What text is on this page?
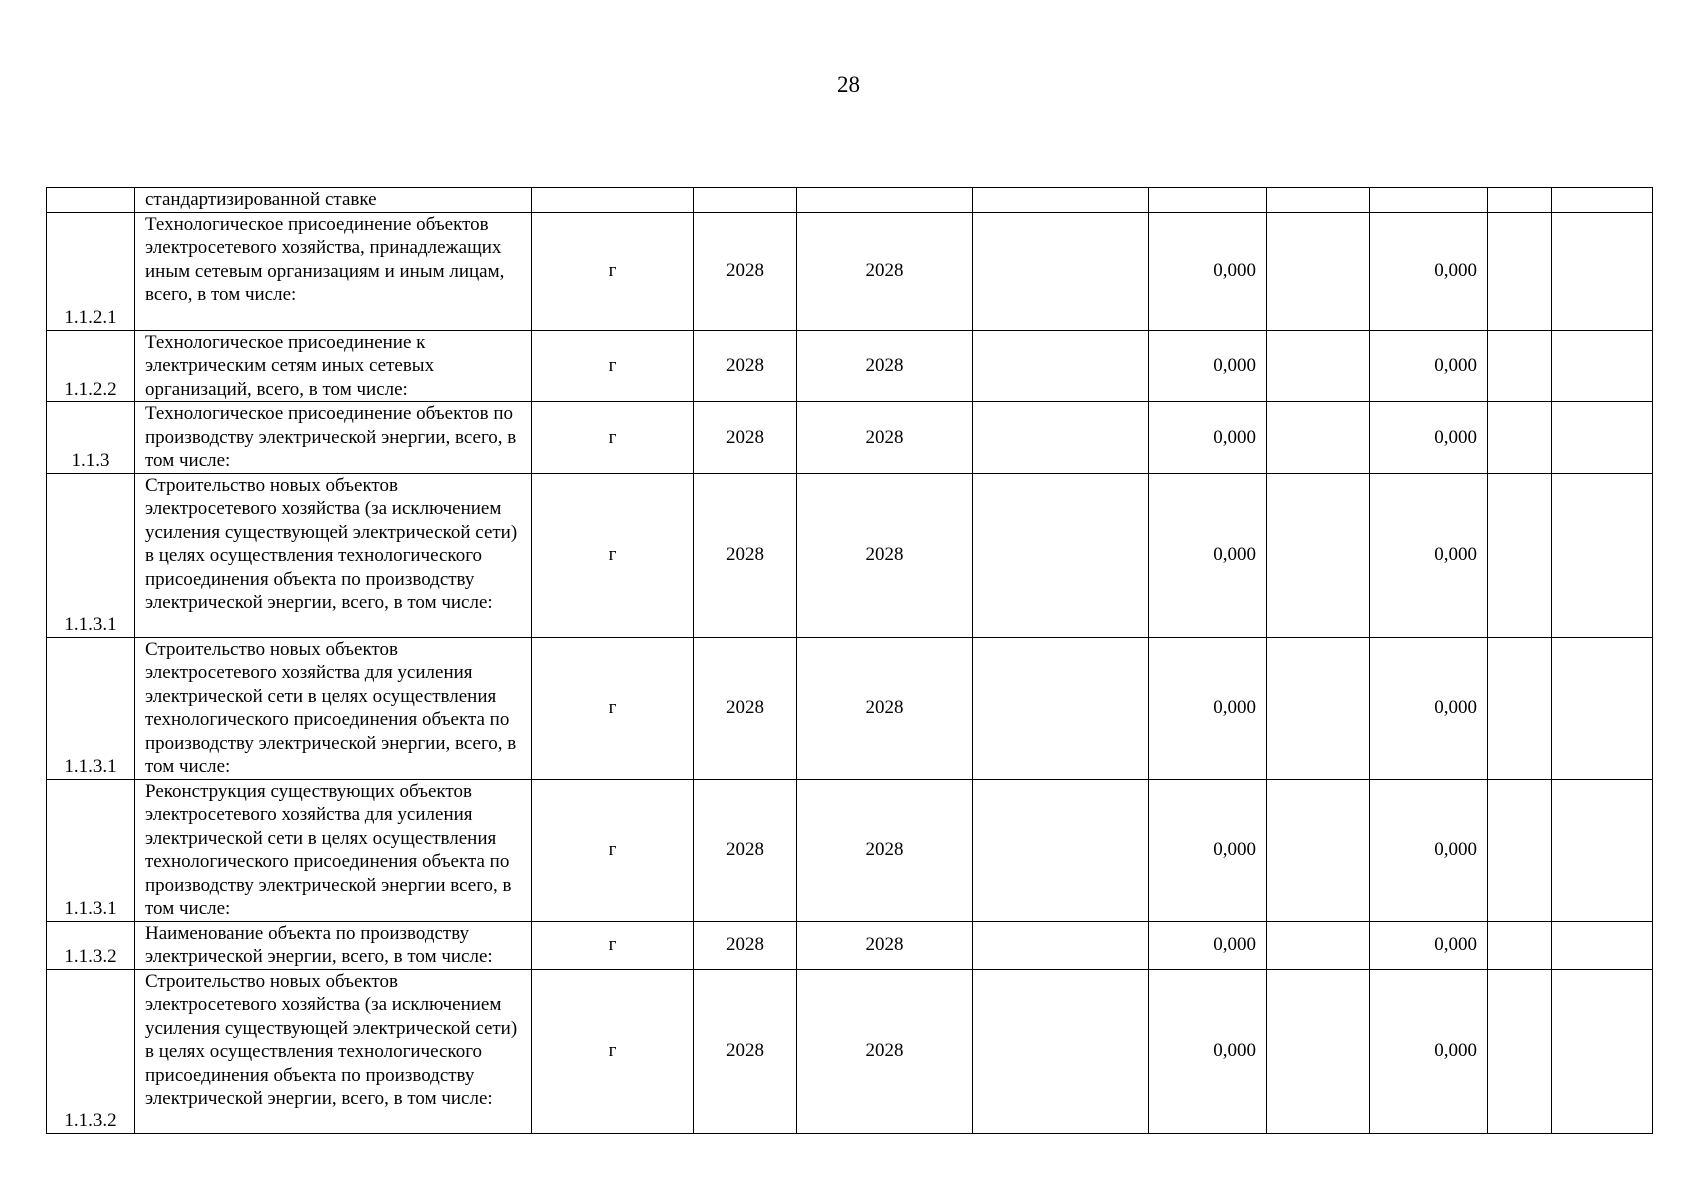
28
	стандартизированной ставке									
1.1.2.1	Технологическое присоединение объектов электросетевого хозяйства, принадлежащих иным сетевым организациям и иным лицам, всего, в том числе:	г	2028	2028		0,000		0,000		
1.1.2.2	Технологическое присоединение к электрическим сетям иных сетевых организаций, всего, в том числе:	г	2028	2028		0,000		0,000		
1.1.3	Технологическое присоединение объектов по производству электрической энергии, всего, в том числе:	г	2028	2028		0,000		0,000		
1.1.3.1	Строительство новых объектов электросетевого хозяйства (за исключением усиления существующей электрической сети) в целях осуществления технологического присоединения объекта по производству электрической энергии, всего, в том числе:	г	2028	2028		0,000		0,000		
1.1.3.1	Строительство новых объектов электросетевого хозяйства для усиления электрической сети в целях осуществления технологического присоединения объекта по производству электрической энергии, всего, в том числе:	г	2028	2028		0,000		0,000		
1.1.3.1	Реконструкция существующих объектов электросетевого хозяйства для усиления электрической сети в целях осуществления технологического присоединения объекта по производству электрической энергии всего, в том числе:	г	2028	2028		0,000		0,000		
1.1.3.2	Наименование объекта по производству электрической энергии, всего, в том числе:	г	2028	2028		0,000		0,000		
1.1.3.2	Строительство новых объектов электросетевого хозяйства (за исключением усиления существующей электрической сети) в целях осуществления технологического присоединения объекта по производству электрической энергии, всего, в том числе:	г	2028	2028		0,000		0,000		
